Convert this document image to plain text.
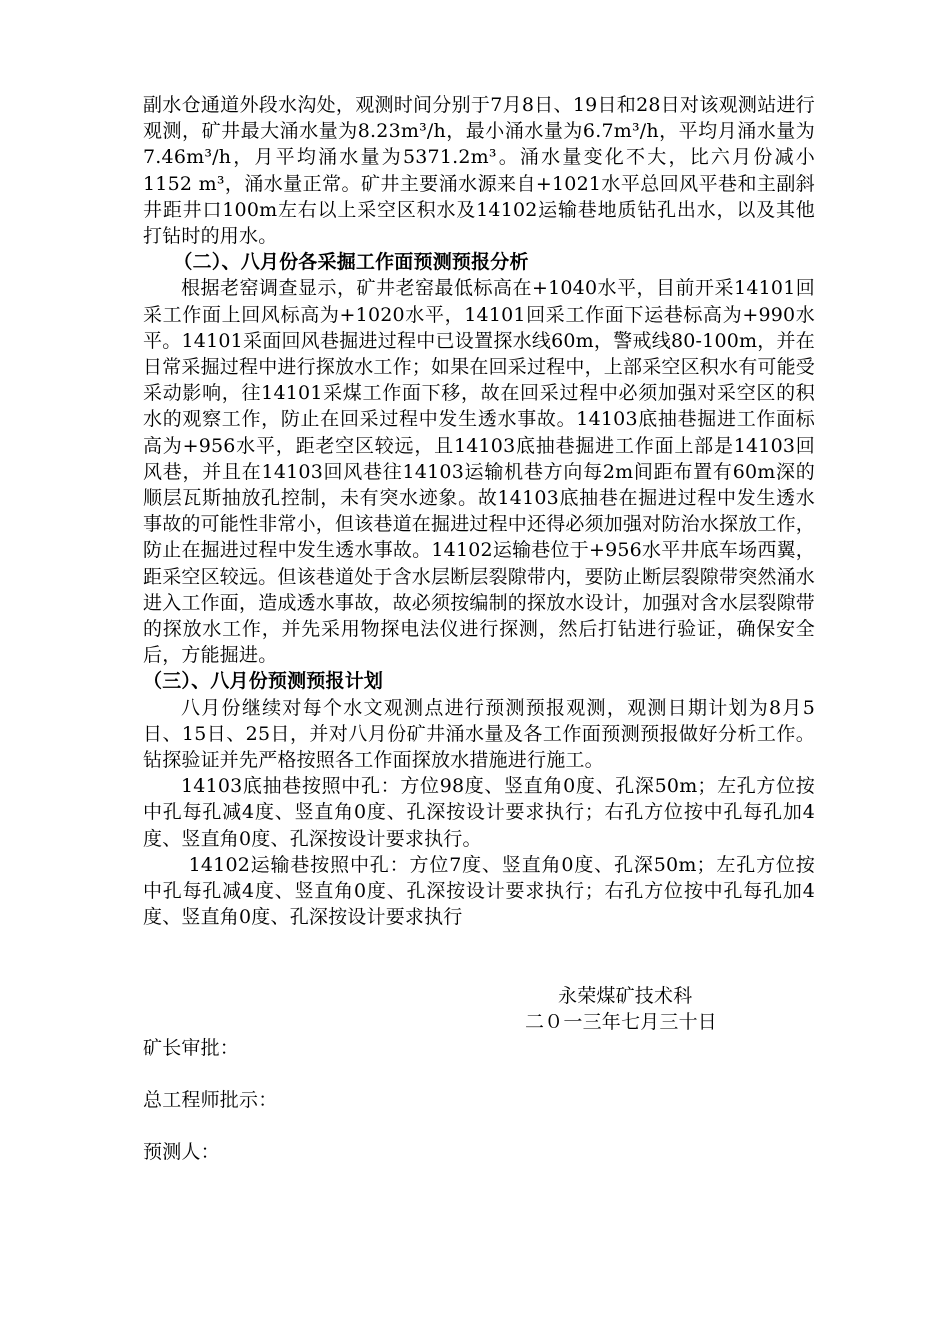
副水仓通道外段水沟处，观测时间分别于7月8日、19日和28日对该观测站进行观测，矿井最大涌水量为8.23m³/h，最小涌水量为6.7m³/h，平均月涌水量为7.46m³/h，月平均涌水量为5371.2m³。涌水量变化不大，比六月份减小1152 m³，涌水量正常。矿井主要涌水源来自+1021水平总回风平巷和主副斜井距井口100m左右以上采空区积水及14102运输巷地质钻孔出水，以及其他打钻时的用水。

（二）、八月份各采掘工作面预测预报分析

根据老窑调查显示，矿井老窑最低标高在+1040水平，目前开采14101回采工作面上回风标高为+1020水平，14101回采工作面下运巷标高为+990水平。14101采面回风巷掘进过程中已设置探水线60m，警戒线80-100m，并在日常采掘过程中进行探放水工作；如果在回采过程中，上部采空区积水有可能受采动影响，往14101采煤工作面下移，故在回采过程中必须加强对采空区的积水的观察工作，防止在回采过程中发生透水事故。14103底抽巷掘进工作面标高为+956水平，距老空区较远，且14103底抽巷掘进工作面上部是14103回风巷，并且在14103回风巷往14103运输机巷方向每2m间距布置有60m深的顺层瓦斯抽放孔控制，未有突水迹象。故14103底抽巷在掘进过程中发生透水事故的可能性非常小，但该巷道在掘进过程中还得必须加强对防治水探放工作，防止在掘进过程中发生透水事故。14102运输巷位于+956水平井底车场西翼，距采空区较远。但该巷道处于含水层断层裂隙带内，要防止断层裂隙带突然涌水进入工作面，造成透水事故，故必须按编制的探放水设计，加强对含水层裂隙带的探放水工作，并先采用物探电法仪进行探测，然后打钻进行验证，确保安全后，方能掘进。

（三）、八月份预测预报计划

八月份继续对每个水文观测点进行预测预报观测，观测日期计划为8月5日、15日、25日，并对八月份矿井涌水量及各工作面预测预报做好分析工作。钻探验证并先严格按照各工作面探放水措施进行施工。

14103底抽巷按照中孔：方位98度、竖直角0度、孔深50m；左孔方位按中孔每孔减4度、竖直角0度、孔深按设计要求执行；右孔方位按中孔每孔加4度、竖直角0度、孔深按设计要求执行。

14102运输巷按照中孔：方位7度、竖直角0度、孔深50m；左孔方位按中孔每孔减4度、竖直角0度、孔深按设计要求执行；右孔方位按中孔每孔加4度、竖直角0度、孔深按设计要求执行

永荣煤矿技术科

二０一三年七月三十日

矿长审批：

总工程师批示：

预测人：
